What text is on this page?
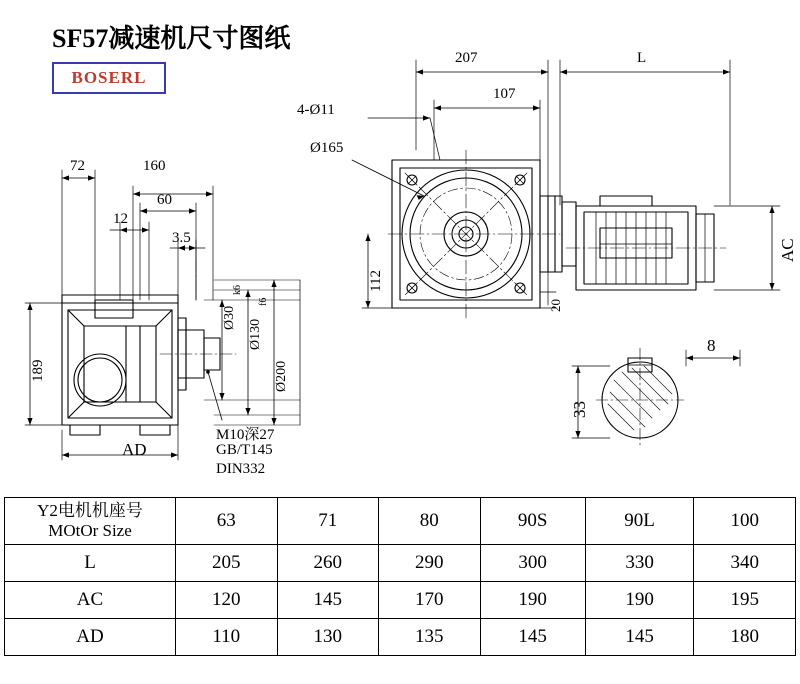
SF57减速机尺寸图纸
BOSERL
207	L
4-Ø11
107
Ø165
112
20
AC
72	160
60
12
3.5
189
AD
Ø30
k6
Ø130
f6
Ø200
M10深27
GB/T145
DIN332
8
33
Y2电机机座号
MOtOr Size	63	71	80	90S	90L	100
L	205	260	290	300	330	340
AC	120	145	170	190	190	195
AD	110	130	135	145	145	180
